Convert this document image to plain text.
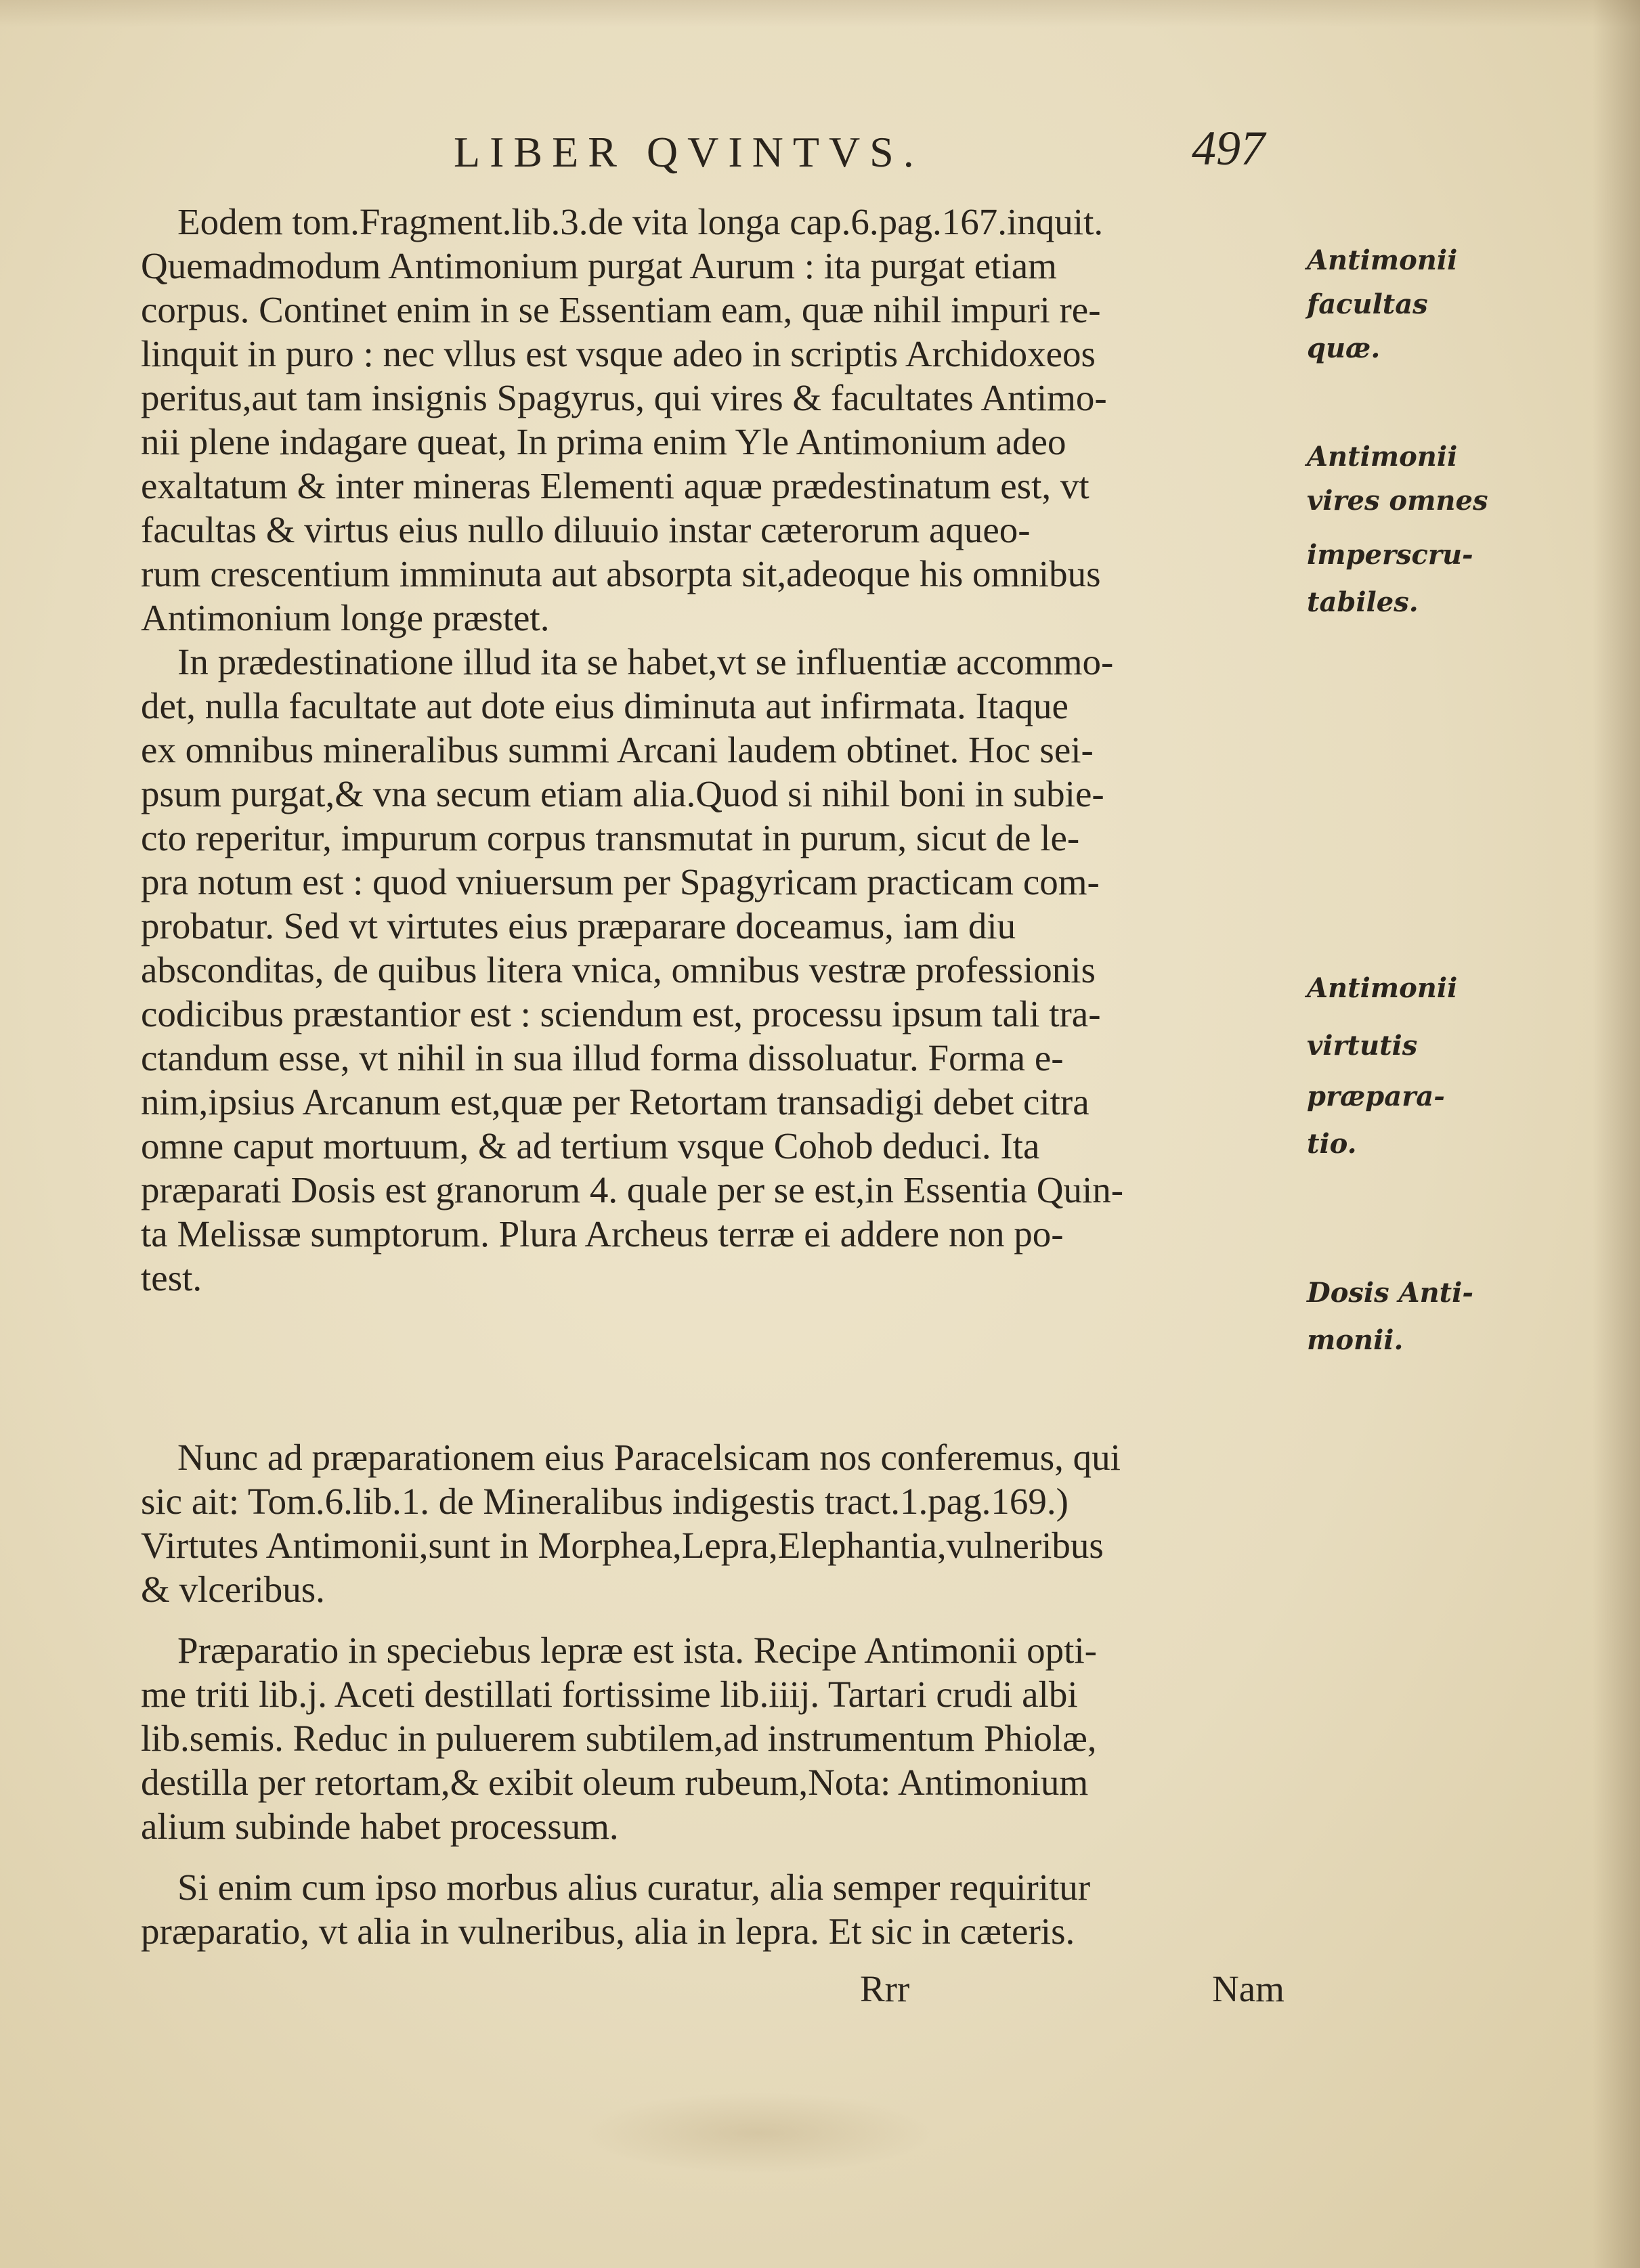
LIBER QVINTVS.	497
Eodem tom.Fragment.lib.3.de vita longa cap.6.pag.167.inquit.
Quemadmodum Antimonium purgat Aurum : ita purgat etiam
corpus. Continet enim in se Essentiam eam, quæ nihil impuri re-
linquit in puro : nec vllus est vsque adeo in scriptis Archidoxeos
peritus,aut tam insignis Spagyrus, qui vires & facultates Antimo-
nii plene indagare queat, In prima enim Yle Antimonium adeo
exaltatum & inter mineras Elementi aquæ prædestinatum est, vt
facultas & virtus eius nullo diluuio instar cæterorum aqueo-
rum crescentium imminuta aut absorpta sit,adeoque his omnibus
Antimonium longe præstet.
In prædestinatione illud ita se habet,vt se influentiæ accommo-
det, nulla facultate aut dote eius diminuta aut infirmata. Itaque
ex omnibus mineralibus summi Arcani laudem obtinet. Hoc sei-
psum purgat,& vna secum etiam alia.Quod si nihil boni in subie-
cto reperitur, impurum corpus transmutat in purum, sicut de le-
pra notum est : quod vniuersum per Spagyricam practicam com-
probatur. Sed vt virtutes eius præparare doceamus, iam diu
absconditas, de quibus litera vnica, omnibus vestræ professionis
codicibus præstantior est : sciendum est, processu ipsum tali tra-
ctandum esse, vt nihil in sua illud forma dissoluatur. Forma e-
nim,ipsius Arcanum est,quæ per Retortam transadigi debet citra
omne caput mortuum, & ad tertium vsque Cohob deduci. Ita
præparati Dosis est granorum 4. quale per se est,in Essentia Quin-
ta Melissæ sumptorum. Plura Archeus terræ ei addere non po-
test.
Nunc ad præparationem eius Paracelsicam nos conferemus, qui
sic ait: Tom.6.lib.1. de Mineralibus indigestis tract.1.pag.169.)
Virtutes Antimonii,sunt in Morphea,Lepra,Elephantia,vulneribus
& vlceribus.
Præparatio in speciebus lepræ est ista. Recipe Antimonii opti-
me triti lib.j. Aceti destillati fortissime lib.iiij. Tartari crudi albi
lib.semis. Reduc in puluerem subtilem,ad instrumentum Phiolæ,
destilla per retortam,& exibit oleum rubeum,Nota: Antimonium
alium subinde habet processum.
Si enim cum ipso morbus alius curatur, alia semper requiritur
præparatio, vt alia in vulneribus, alia in lepra. Et sic in cæteris.
Antimonii
facultas
quæ.
Antimonii
vires omnes
imperscru-
tabiles.
Antimonii
virtutis
præpara-
tio.
Dosis Anti-
monii.
Rrr	Nam
